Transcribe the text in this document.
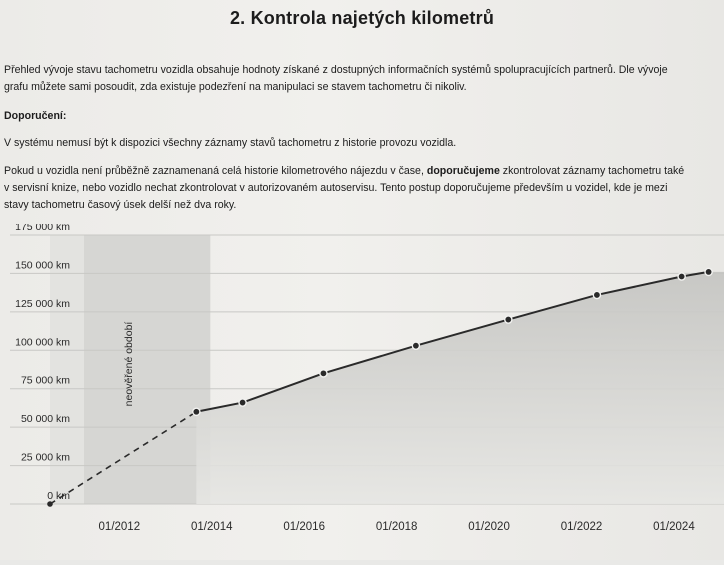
2. Kontrola najetých kilometrů
Přehled vývoje stavu tachometru vozidla obsahuje hodnoty získané z dostupných informačních systémů spolupracujících partnerů. Dle vývoje
grafu můžete sami posoudit, zda existuje podezření na manipulaci se stavem tachometru či nikoliv.
Doporučení:
V systému nemusí být k dispozici všechny záznamy stavů tachometru z historie provozu vozidla.
Pokud u vozidla není průběžně zaznamenaná celá historie kilometrového nájezdu v čase, doporučujeme zkontrolovat záznamy tachometru také
v servisní knize, nebo vozidlo nechat zkontrolovat v autorizovaném autoservisu. Tento postup doporučujeme především u vozidel, kde je mezi
stavy tachometru časový úsek delší než dva roky.
0 km
25 000 km
50 000 km
75 000 km
100 000 km
125 000 km
150 000 km
175 000 km
01/2012	01/2014	01/2016	01/2018	01/2020	01/2022	01/2024
neověřené období
